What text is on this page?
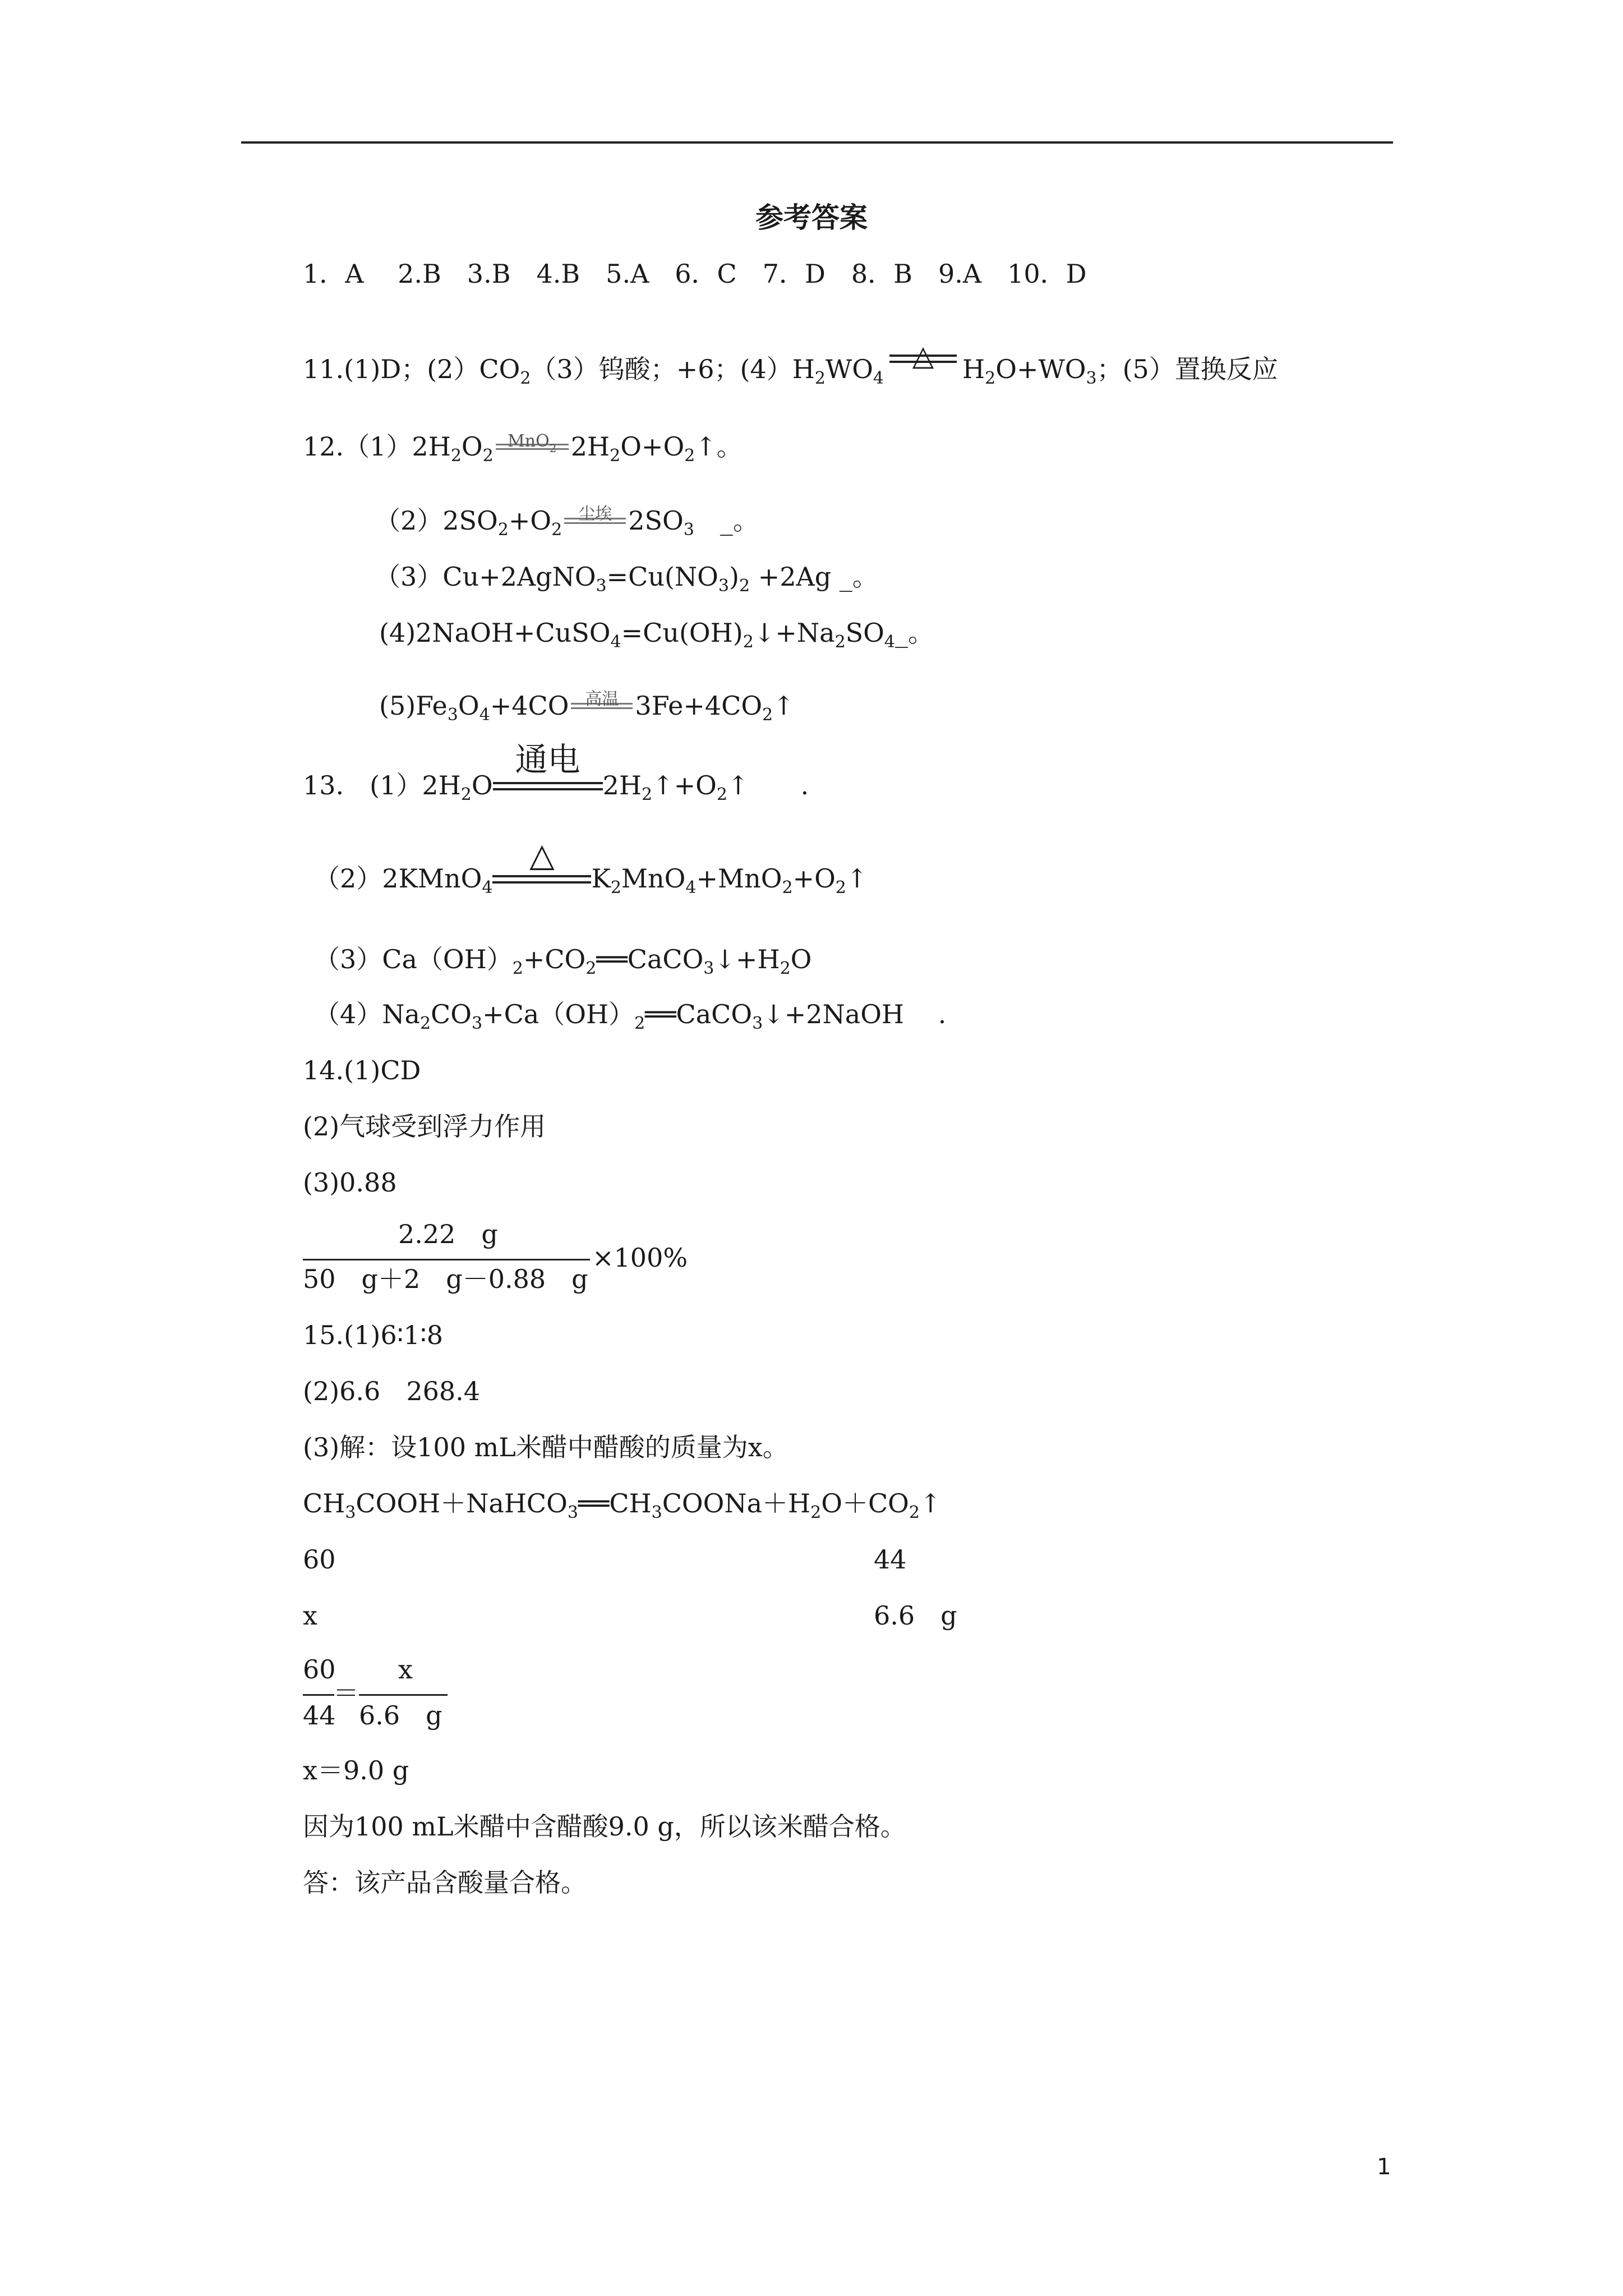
参考答案
1．A　 2.B　3.B　4.B　5.A　6．C　7．D　8．B　9.A　10．D
11.(1)D；$(2)CO_2(3)$钨酸；+6；$(4)H_2WO_4$
△	$H_2O+WO_3$；(5）置换反应
$12.(1)2H_2O_2$
MnO$_2$ $2H_2O+O_2↑$。
$(2)2SO_2+O_2$
尘埃 $2SO_3$　_。
$(3)Cu+2AgNO_3=Cu(NO_3)_2 +2Ag$ _。
$(4)2NaOH+CuSO_4=Cu(OH)_2↓+Na_2SO_4\_$。
$(5)Fe_3O_4+4CO$ 高温 $3Fe+4CO_2↑$
13.　$(1)2H_2O$
通电
$2H_2↑+O_2↑$　　.
（2）2KMnO$_4$
△
$K_2MnO_4+MnO_2+O_2↑$
$(3)Ca(OH)_2+CO_2══CaCO_3↓+H_2O$
$(4)Na_2CO_3+Ca(OH)_2══CaCO_3↓+2NaOH$　 .
14.(1)CD
(2)气球受到浮力作用
(3)0.88
2.22　g
50　g＋2　g－0.88　g
×100%
15.(1)6∶1∶8
(2)6.6　268.4
(3)解：设100 mL米醋中醋酸的质量为x。
$CH_3COOH+NaHCO_3══CH_3COONa+H_2O+CO_2↑$
60	44
x	6.6　g
60
44
＝
x
6.6　g
x＝9.0 g
因为100 mL米醋中含醋酸9.0 g，所以该米醋合格。
答：该产品含酸量合格。
1
